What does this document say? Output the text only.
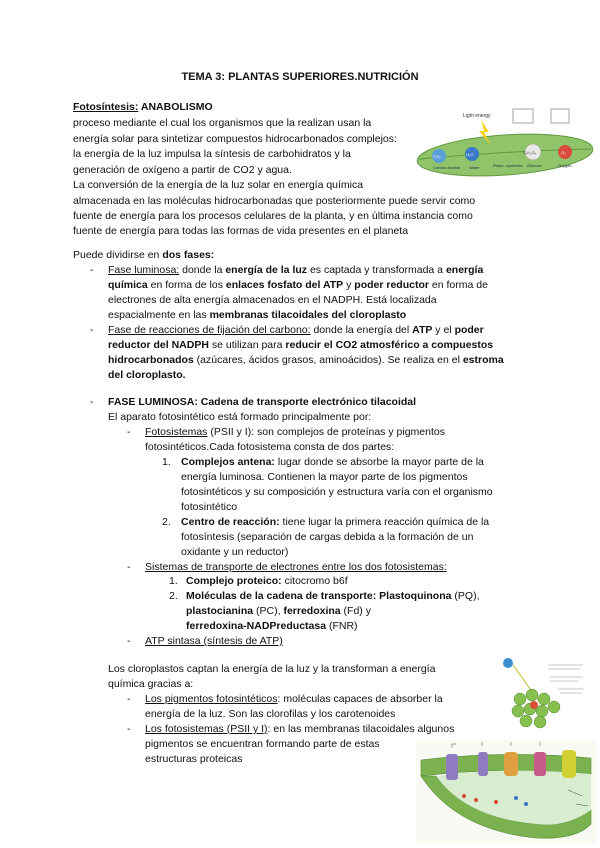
TEMA 3: PLANTAS SUPERIORES.NUTRICIÓN
Fotosíntesis: ANABOLISMO
proceso mediante el cual los organismos que la realizan usan la
energía solar para sintetizar compuestos hidrocarbonados complejos:
la energía de la luz impulsa la síntesis de carbohidratos y la
generación de oxígeno a partir de CO2 y agua.
La conversión de la energía de la luz solar en energía química
almacenada en las moléculas hidrocarbonadas que posteriormente puede servir como
fuente de energía para los procesos celulares de la planta, y en última instancia como
fuente de energía para todas las formas de vida presentes en el planeta
Light energy
CO₂	H₂O	C₆H₁₂O₆	O₂
Carbon dioxide Water	Photo- synthesis Glucose	Oxygen
Puede dividirse en dos fases:
- Fase luminosa: donde la energía de la luz es captada y transformada a energía
química en forma de los enlaces fosfato del ATP y poder reductor en forma de
electrones de alta energía almacenados en el NADPH. Está localizada
espacialmente en las membranas tilacoidales del cloroplasto
- Fase de reacciones de fijación del carbono: donde la energía del ATP y el poder
reductor del NADPH se utilizan para reducir el CO2 atmosférico a compuestos
hidrocarbonados (azúcares, ácidos grasos, aminoácidos). Se realiza en el estroma
del cloroplasto.
- FASE LUMINOSA: Cadena de transporte electrónico tilacoidal
El aparato fotosintético está formado principalmente por:
- Fotosistemas (PSII y I): son complejos de proteínas y pigmentos
fotosintéticos.Cada fotosistema consta de dos partes:
1. Complejos antena: lugar donde se absorbe la mayor parte de la
energía luminosa. Contienen la mayor parte de los pigmentos
fotosintéticos y su composición y estructura varía con el organismo
fotosintético
2. Centro de reacción: tiene lugar la primera reacción química de la
fotosíntesis (separación de cargas debida a la formación de un
oxidante y un reductor)
- Sistemas de transporte de electrones entre los dos fotosistemas:
1. Complejo proteico: citocromo b6f
2. Moléculas de la cadena de transporte: Plastoquinona (PQ),
plastocianina (PC), ferredoxina (Fd) y
ferredoxina-NADPreductasa (FNR)
- ATP sintasa (síntesis de ATP)
Los cloroplastos captan la energía de la luz y la transforman a energía
química gracias a:
- Los pigmentos fotosintéticos: moléculas capaces de absorber la
energía de la luz. Son las clorofilas y los carotenoides
- Los fotosistemas (PSII y I): en las membranas tilacoidales algunos
pigmentos se encuentran formando parte de estas
estructuras proteicas
